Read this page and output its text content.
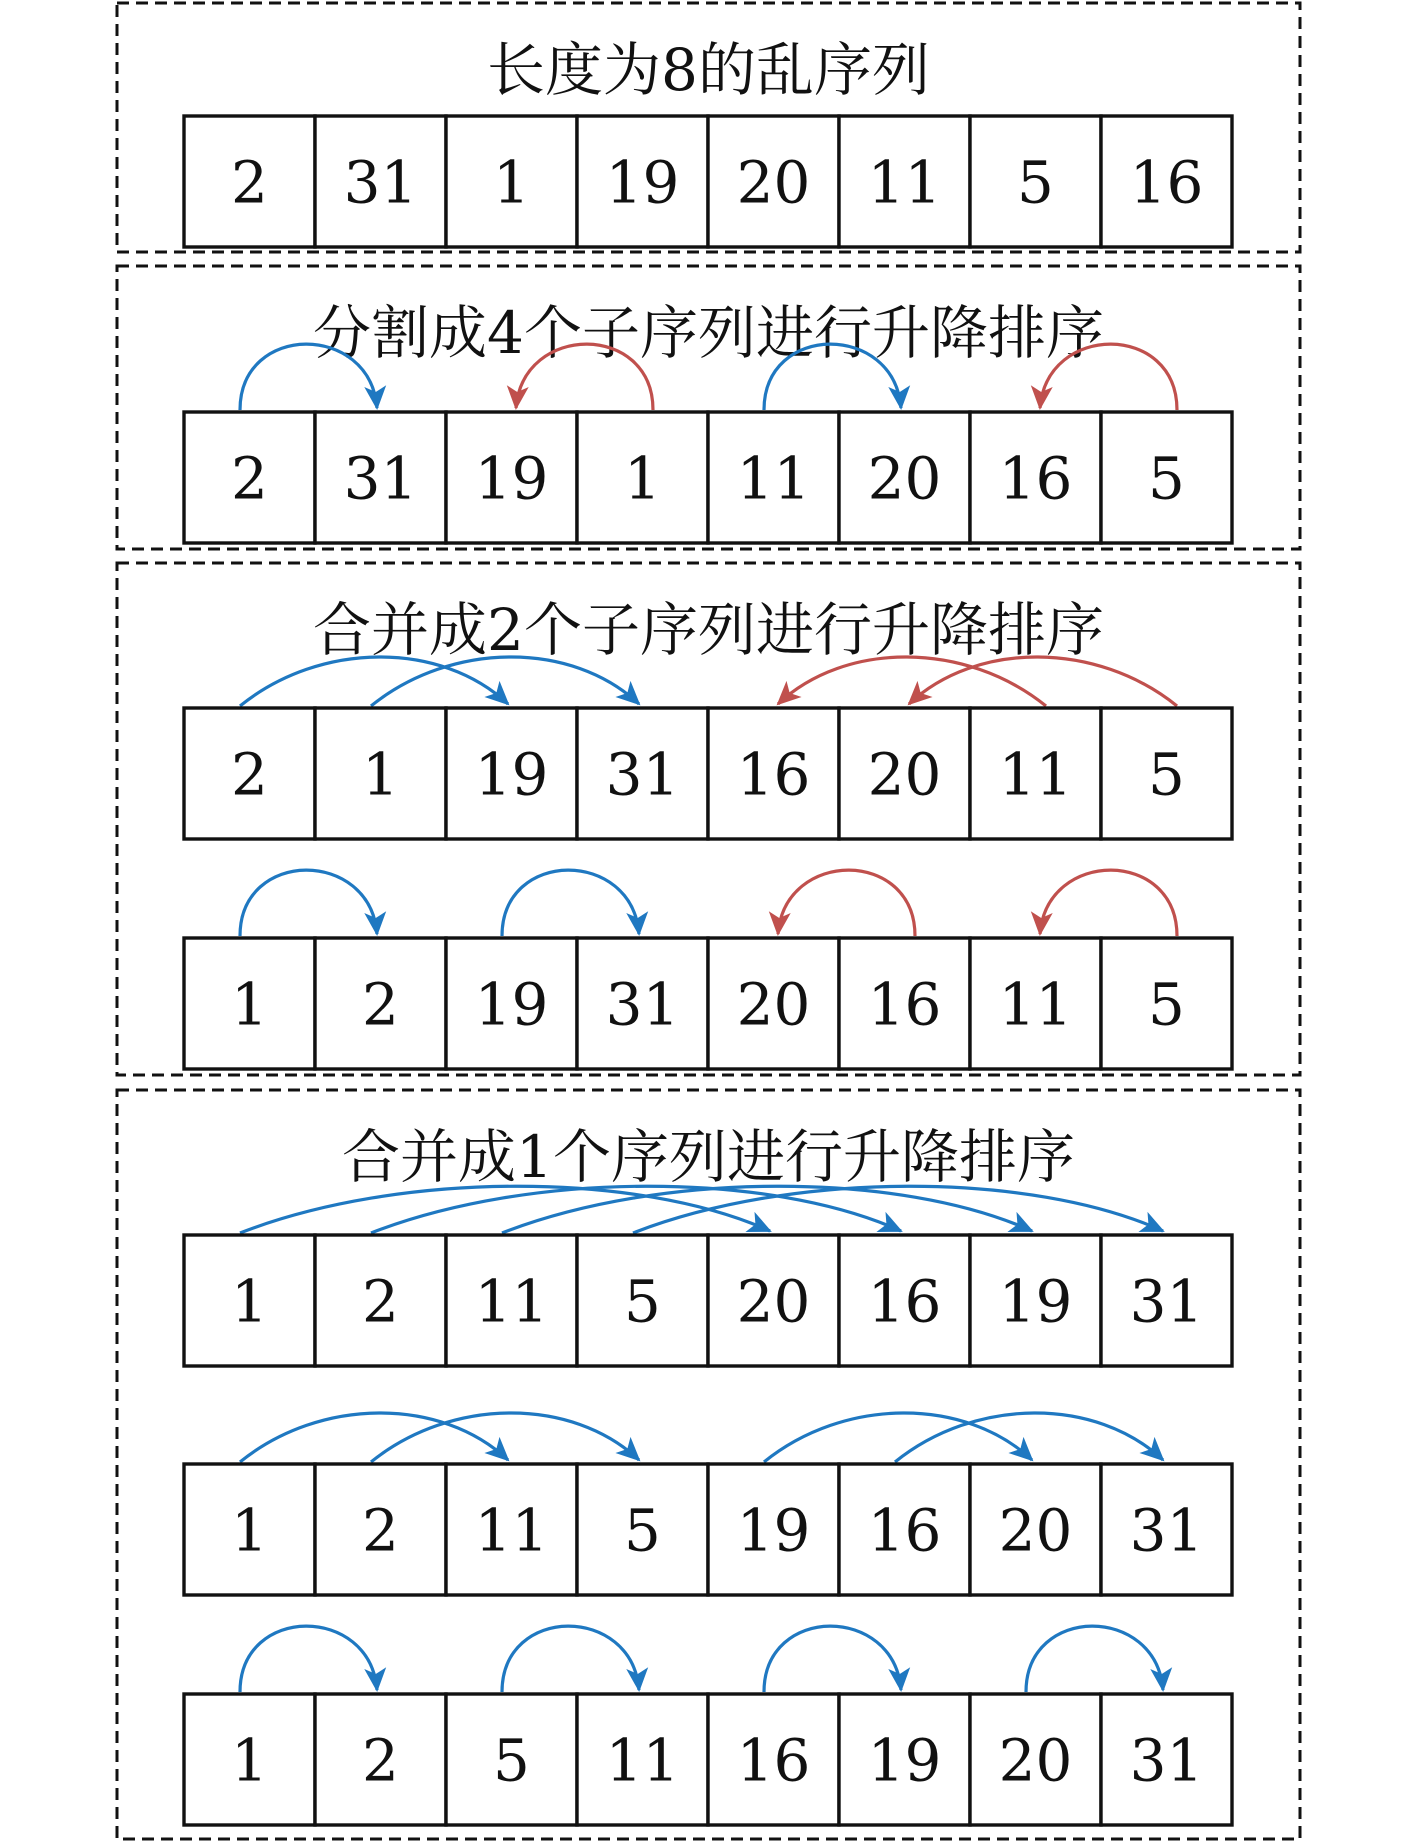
长度为8的乱序列
2 31 1 19 20 11 5 16
分割成4个子序列进行升降排序
2 31 19 1 11 20 16 5
合并成2个子序列进行升降排序
2 1 19 31 16 20 11 5
1 2 19 31 20 16 11 5
合并成1个序列进行升降排序
1 2 11 5 20 16 19 31
1 2 11 5 19 16 20 31
1 2 5 11 16 19 20 31
